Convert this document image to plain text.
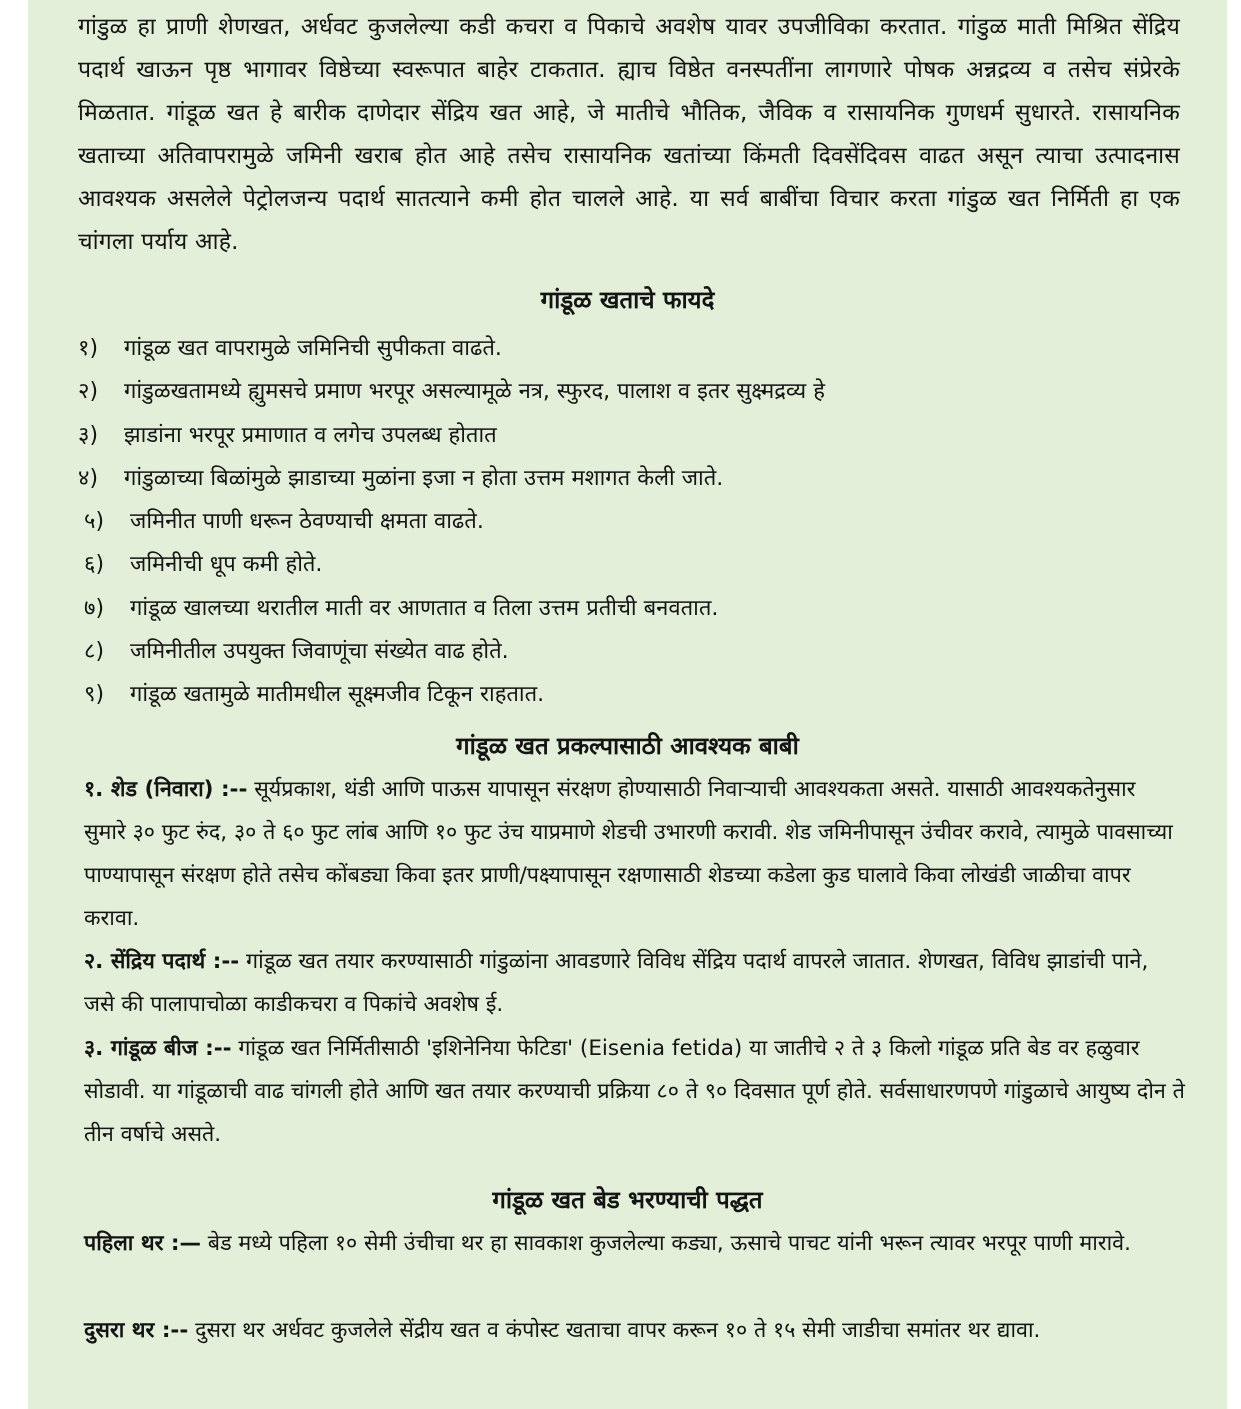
गांडुळ हा प्राणी शेणखत, अर्धवट कुजलेल्या कडी कचरा व पिकाचे अवशेष यावर उपजीविका करतात. गांडुळ माती मिश्रित सेंद्रिय पदार्थ खाऊन पृष्ठ भागावर विष्ठेच्या स्वरूपात बाहेर टाकतात. ह्याच विष्ठेत वनस्पतींना लागणारे पोषक अन्नद्रव्य व तसेच संप्रेरके मिळतात. गांडूळ खत हे बारीक दाणेदार सेंद्रिय खत आहे, जे मातीचे भौतिक, जैविक व रासायनिक गुणधर्म सुधारते. रासायनिक खताच्या अतिवापरामुळे जमिनी खराब होत आहे तसेच रासायनिक खतांच्या किंमती दिवसेंदिवस वाढत असून त्याचा उत्पादनास आवश्यक असलेले पेट्रोलजन्य पदार्थ सातत्याने कमी होत चालले आहे. या सर्व बाबींचा विचार करता गांडुळ खत निर्मिती हा एक चांगला पर्याय आहे.

गांडूळ खताचे फायदे
१) गांडूळ खत वापरामुळे जमिनिची सुपीकता वाढते.
२) गांडुळखतामध्ये ह्युमसचे प्रमाण भरपूर असल्यामूळे नत्र, स्फुरद, पालाश व इतर सुक्ष्मद्रव्य हे
३) झाडांना भरपूर प्रमाणात व लगेच उपलब्ध होतात
४) गांडुळाच्या बिळांमुळे झाडाच्या मुळांना इजा न होता उत्तम मशागत केली जाते.
५) जमिनीत पाणी धरून ठेवण्याची क्षमता वाढते.
६) जमिनीची धूप कमी होते.
७) गांडूळ खालच्या थरातील माती वर आणतात व तिला उत्तम प्रतीची बनवतात.
८) जमिनीतील उपयुक्त जिवाणूंचा संख्येत वाढ होते.
९) गांडूळ खतामुळे मातीमधील सूक्ष्मजीव टिकून राहतात.
गांडूळ खत प्रकल्पासाठी आवश्यक बाबी

१. शेड (निवारा) :-- सूर्यप्रकाश, थंडी आणि पाऊस यापासून संरक्षण होण्यासाठी निवाऱ्याची आवश्यकता असते. यासाठी आवश्यकतेनुसार सुमारे ३० फुट रुंद, ३० ते ६० फुट लांब आणि १० फुट उंच याप्रमाणे शेडची उभारणी करावी. शेड जमिनीपासून उंचीवर करावे, त्यामुळे पावसाच्या पाण्यापासून संरक्षण होते तसेच कोंबड्या किवा इतर प्राणी/पक्ष्यापासून रक्षणासाठी शेडच्या कडेला कुड घालावे किवा लोखंडी जाळीचा वापर करावा.

२. सेंद्रिय पदार्थ :-- गांडूळ खत तयार करण्यासाठी गांडुळांना आवडणारे विविध सेंद्रिय पदार्थ वापरले जातात. शेणखत, विविध झाडांची पाने, जसे की पालापाचोळा काडीकचरा व पिकांचे अवशेष ई.

३. गांडूळ बीज :-- गांडूळ खत निर्मितीसाठी 'इशिनेनिया फेटिडा' (Eisenia fetida) या जातीचे २ ते ३ किलो गांडूळ प्रति बेड वर हळुवार सोडावी. या गांडूळाची वाढ चांगली होते आणि खत तयार करण्याची प्रक्रिया ८० ते ९० दिवसात पूर्ण होते. सर्वसाधारणपणे गांडुळाचे आयुष्य दोन ते तीन वर्षाचे असते.

गांडूळ खत बेड भरण्याची पद्धत

पहिला थर :— बेड मध्ये पहिला १० सेमी उंचीचा थर हा सावकाश कुजलेल्या कड्या, ऊसाचे पाचट यांनी भरून त्यावर भरपूर पाणी मारावे.

दुसरा थर :-- दुसरा थर अर्धवट कुजलेले सेंद्रीय खत व कंपोस्ट खताचा वापर करून १० ते १५ सेमी जाडीचा समांतर थर द्यावा.
